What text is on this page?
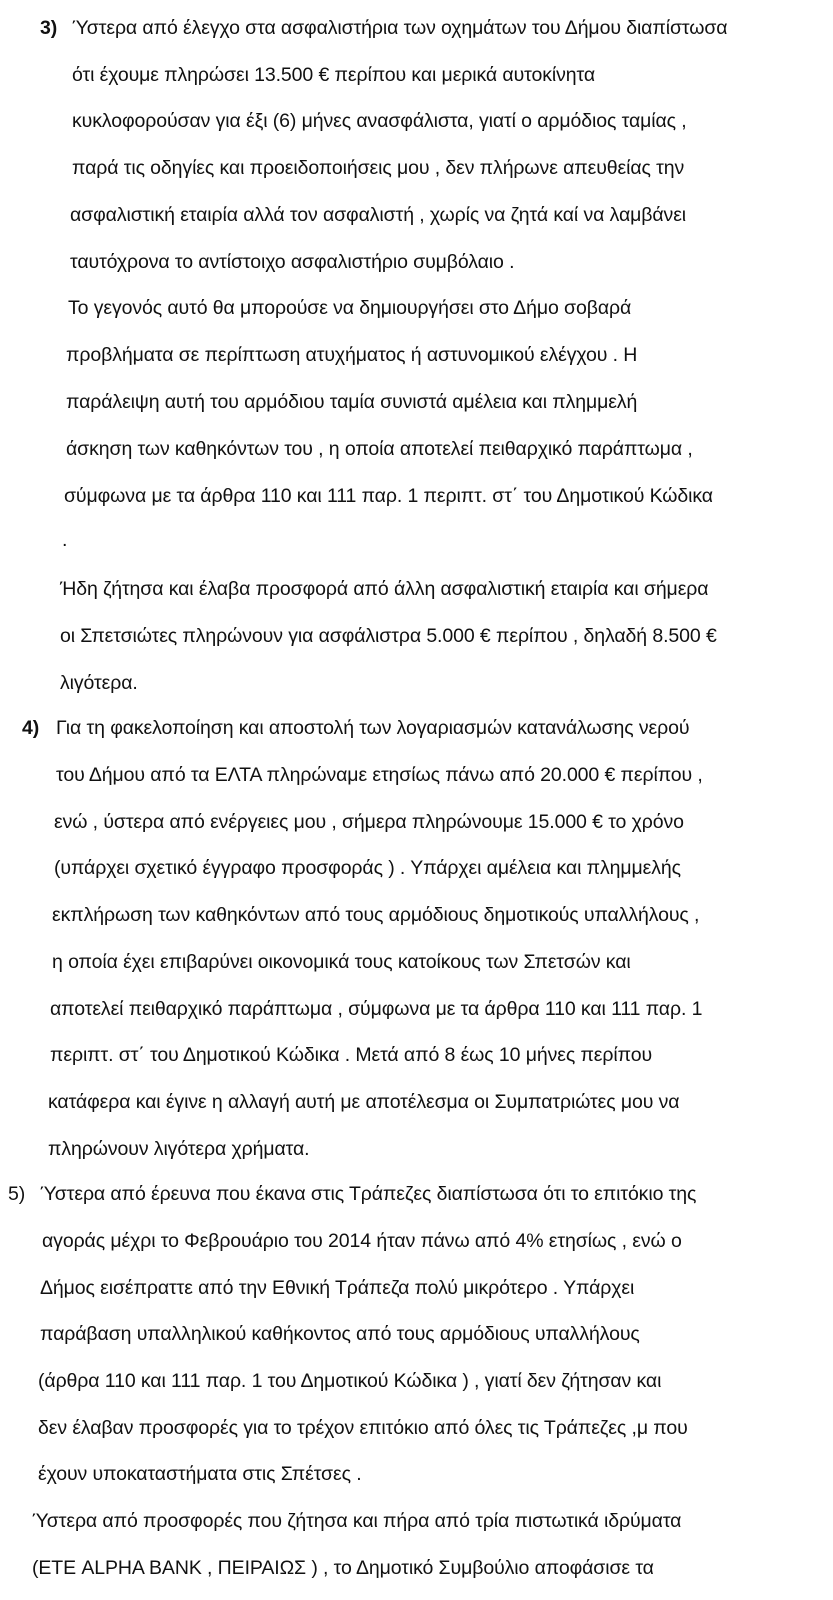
3) Ύστερα από έλεγχο στα ασφαλιστήρια των οχημάτων του Δήμου διαπίστωσα
ότι έχουμε πληρώσει 13.500 € περίπου και μερικά αυτοκίνητα
κυκλοφορούσαν για έξι (6) μήνες ανασφάλιστα, γιατί ο αρμόδιος ταμίας ,
παρά τις οδηγίες και προειδοποιήσεις μου , δεν πλήρωνε απευθείας την
ασφαλιστική εταιρία αλλά τον ασφαλιστή , χωρίς να ζητά καί να λαμβάνει
ταυτόχρονα το αντίστοιχο ασφαλιστήριο συμβόλαιο .
Το γεγονός αυτό θα μπορούσε να δημιουργήσει στο Δήμο σοβαρά
προβλήματα σε περίπτωση ατυχήματος ή αστυνομικού ελέγχου . Η
παράλειψη αυτή του αρμόδιου ταμία συνιστά αμέλεια και πλημμελή
άσκηση των καθηκόντων του , η οποία αποτελεί πειθαρχικό παράπτωμα ,
σύμφωνα με τα άρθρα 110 και 111 παρ. 1 περιπτ. στ΄ του Δημοτικού Κώδικα
.
Ήδη ζήτησα και έλαβα προσφορά από άλλη ασφαλιστική εταιρία και σήμερα
οι Σπετσιώτες πληρώνουν για ασφάλιστρα 5.000 € περίπου , δηλαδή 8.500 €
λιγότερα.
4) Για τη φακελοποίηση και αποστολή των λογαριασμών κατανάλωσης νερού
του Δήμου από τα ΕΛΤΑ πληρώναμε ετησίως πάνω από 20.000 € περίπου ,
ενώ , ύστερα από ενέργειες μου , σήμερα πληρώνουμε 15.000 € το χρόνο
(υπάρχει σχετικό έγγραφο προσφοράς ) . Υπάρχει αμέλεια και πλημμελής
εκπλήρωση των καθηκόντων από τους αρμόδιους δημοτικούς υπαλλήλους ,
η οποία έχει επιβαρύνει οικονομικά τους κατοίκους των Σπετσών και
αποτελεί πειθαρχικό παράπτωμα , σύμφωνα με τα άρθρα 110 και 111 παρ. 1
περιπτ. στ΄ του Δημοτικού Κώδικα . Μετά από 8 έως 10 μήνες περίπου
κατάφερα και έγινε η αλλαγή αυτή με αποτέλεσμα οι Συμπατριώτες μου να
πληρώνουν λιγότερα χρήματα.
5) Ύστερα από έρευνα που έκανα στις Τράπεζες διαπίστωσα ότι το επιτόκιο της
αγοράς μέχρι το Φεβρουάριο του 2014 ήταν πάνω από 4% ετησίως , ενώ ο
Δήμος εισέπραττε από την Εθνική Τράπεζα πολύ μικρότερο . Υπάρχει
παράβαση υπαλληλικού καθήκοντος από τους αρμόδιους υπαλλήλους
(άρθρα 110 και 111 παρ. 1 του Δημοτικού Κώδικα ) , γιατί δεν ζήτησαν και
δεν έλαβαν προσφορές για το τρέχον επιτόκιο από όλες τις Τράπεζες ,μ που
έχουν υποκαταστήματα στις Σπέτσες .
Ύστερα από προσφορές που ζήτησα και πήρα από τρία πιστωτικά ιδρύματα
(ΕΤΕ ALPHA BANK , ΠΕΙΡΑΙΩΣ ) , το Δημοτικό Συμβούλιο αποφάσισε τα
